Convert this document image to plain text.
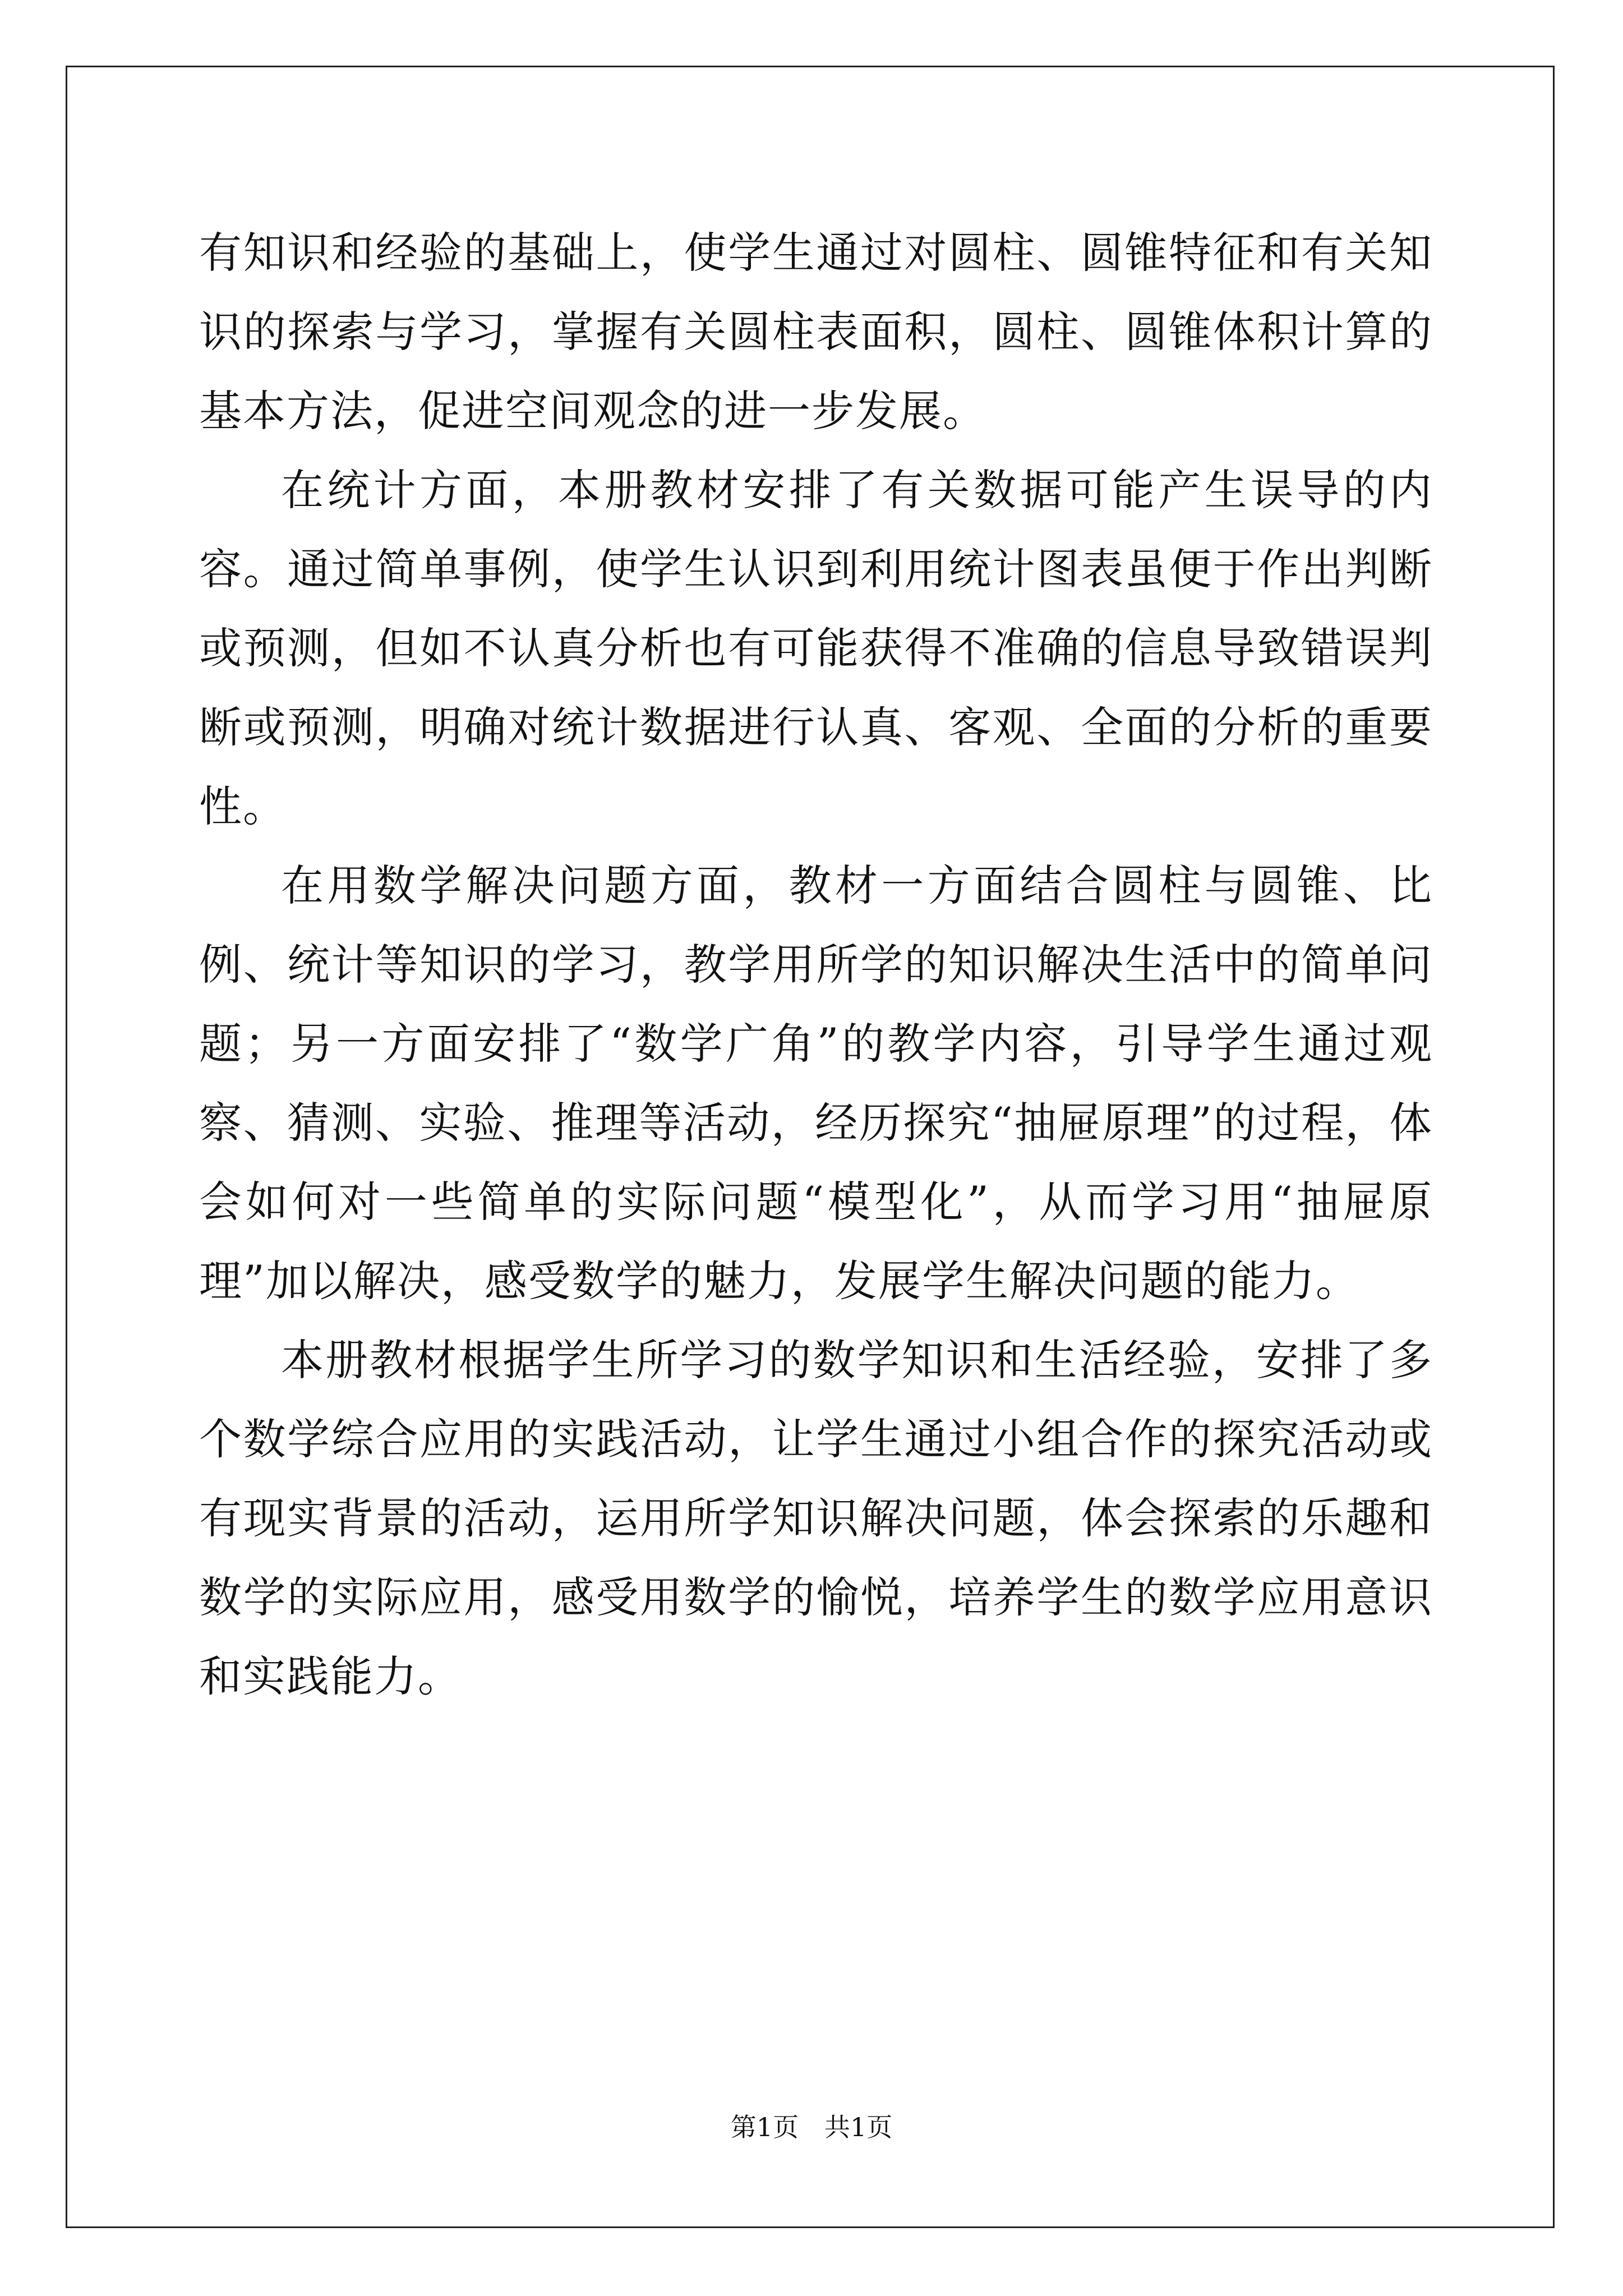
有知识和经验的基础上，使学生通过对圆柱、圆锥特征和有关知识的探索与学习，掌握有关圆柱表面积，圆柱、圆锥体积计算的基本方法，促进空间观念的进一步发展。

在统计方面，本册教材安排了有关数据可能产生误导的内容。通过简单事例，使学生认识到利用统计图表虽便于作出判断或预测，但如不认真分析也有可能获得不准确的信息导致错误判断或预测，明确对统计数据进行认真、客观、全面的分析的重要性。

在用数学解决问题方面，教材一方面结合圆柱与圆锥、比例、统计等知识的学习，教学用所学的知识解决生活中的简单问题；另一方面安排了“数学广角”的教学内容，引导学生通过观察、猜测、实验、推理等活动，经历探究“抽屉原理”的过程，体会如何对一些简单的实际问题“模型化”，从而学习用“抽屉原理”加以解决，感受数学的魅力，发展学生解决问题的能力。

本册教材根据学生所学习的数学知识和生活经验，安排了多个数学综合应用的实践活动，让学生通过小组合作的探究活动或有现实背景的活动，运用所学知识解决问题，体会探索的乐趣和数学的实际应用，感受用数学的愉悦，培养学生的数学应用意识和实践能力。

第1页　共1页
